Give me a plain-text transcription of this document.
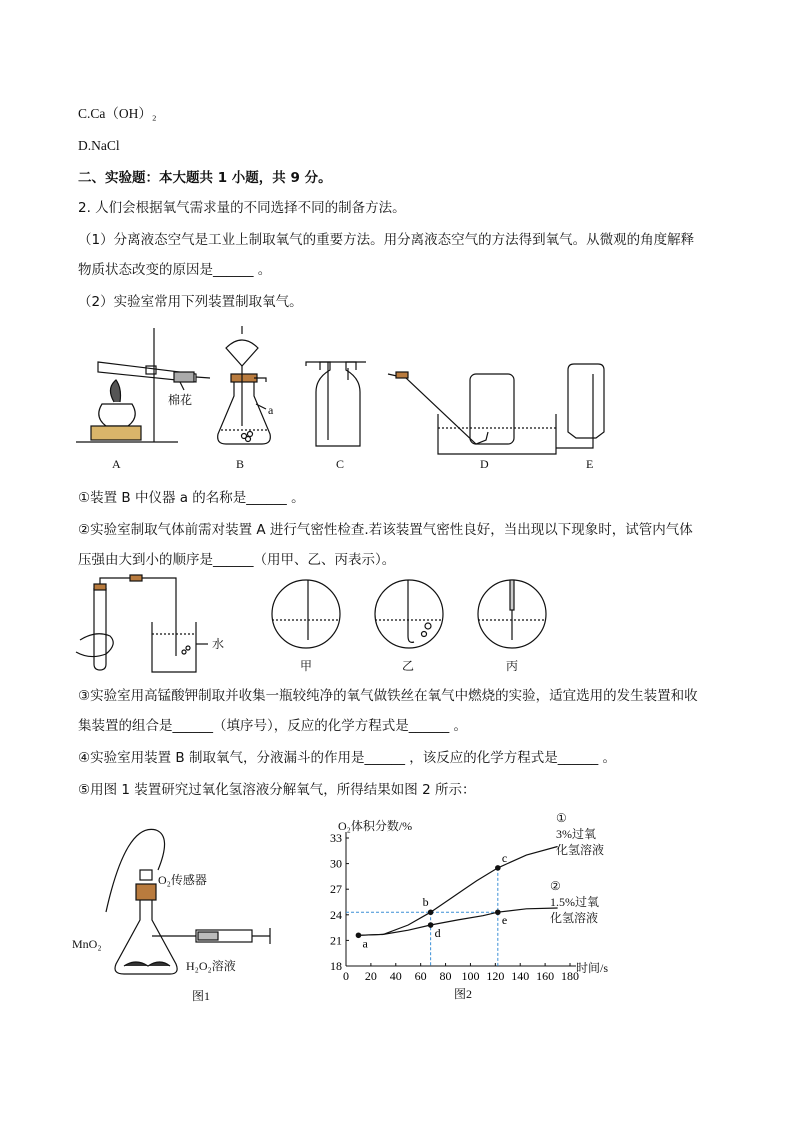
C.Ca（OH）₂
D.NaCl
二、实验题：本大题共 1 小题，共 9 分。
2. 人们会根据氧气需求量的不同选择不同的制备方法。
（1）分离液态空气是工业上制取氧气的重要方法。用分离液态空气的方法得到氧气。从微观的角度解释
物质状态改变的原因是______ 。
（2）实验室常用下列装置制取氧气。
A	B	C	D	E
棉花
a
①装置 B 中仪器 a 的名称是______ 。
②实验室制取气体前需对装置 A 进行气密性检查.若该装置气密性良好，当出现以下现象时，试管内气体
压强由大到小的顺序是______（用甲、乙、丙表示）。
水
甲	乙	丙
③实验室用高锰酸钾制取并收集一瓶较纯净的氧气做铁丝在氧气中燃烧的实验，适宜选用的发生装置和收
集装置的组合是______（填序号），反应的化学方程式是______ 。
④实验室用装置 B 制取氧气，分液漏斗的作用是______ ，该反应的化学方程式是______ 。
⑤用图 1 装置研究过氧化氢溶液分解氧气，所得结果如图 2 所示：
O₂传感器
MnO₂
H₂O₂溶液
图1
0 20 40 60 80 100 120 140 160 180
18
21
24
27
30
33
a
b
c
d
e
O₂体积分数/%
时间/s
①
3%过氧
化氢溶液
②
1.5%过氧
化氢溶液
图2
